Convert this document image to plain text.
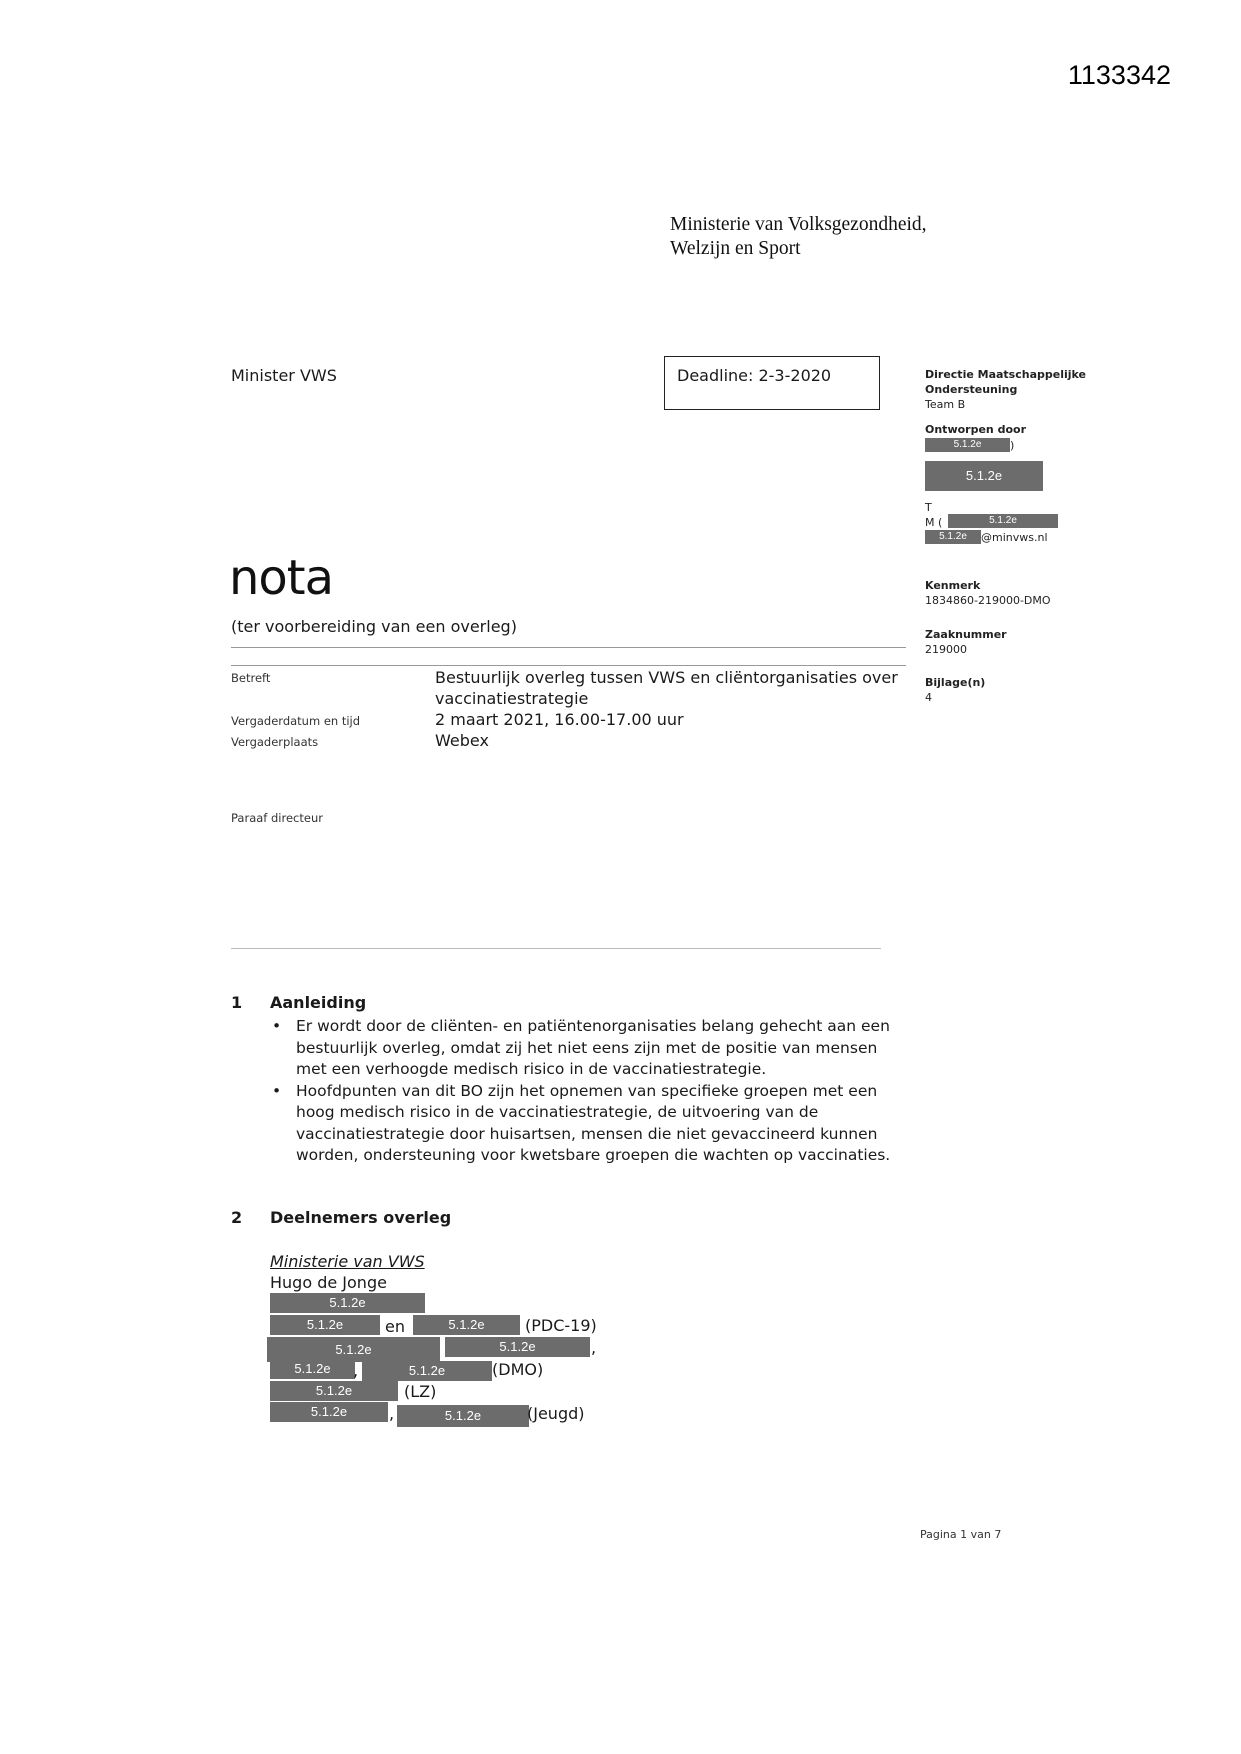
1133342
Ministerie van Volksgezondheid,
Welzijn en Sport
Minister VWS	Deadline: 2-3-2020	Directie Maatschappelijke
Ondersteuning
Team B
Ontworpen door
5.1.2e	)
5.1.2e
T
M (	5.1.2e
5.1.2e	@minvws.nl
Kenmerk
1834860-219000-DMO
Zaaknummer
219000
Bijlage(n)
4
nota
(ter voorbereiding van een overleg)
Betreft	Bestuurlijk overleg tussen VWS en cliëntorganisaties over
vaccinatiestrategie
Vergaderdatum en tijd	2 maart 2021, 16.00-17.00 uur
Vergaderplaats	Webex
Paraaf directeur
1 Aanleiding
• Er wordt door de cliënten- en patiëntenorganisaties belang gehecht aan een bestuurlijk overleg, omdat zij het niet eens zijn met de positie van mensen met een verhoogde medisch risico in de vaccinatiestrategie.
• Hoofdpunten van dit BO zijn het opnemen van specifieke groepen met een hoog medisch risico in de vaccinatiestrategie, de uitvoering van de vaccinatiestrategie door huisartsen, mensen die niet gevaccineerd kunnen worden, ondersteuning voor kwetsbare groepen die wachten op vaccinaties.
2 Deelnemers overleg
Ministerie van VWS
Hugo de Jonge
5.1.2e
5.1.2e	en	5.1.2e	(PDC-19)
5.1.2e	5.1.2e	,
5.1.2e	,	5.1.2e	(DMO)
5.1.2e	(LZ)
5.1.2e	,	5.1.2e	(Jeugd)
Pagina 1 van 7
